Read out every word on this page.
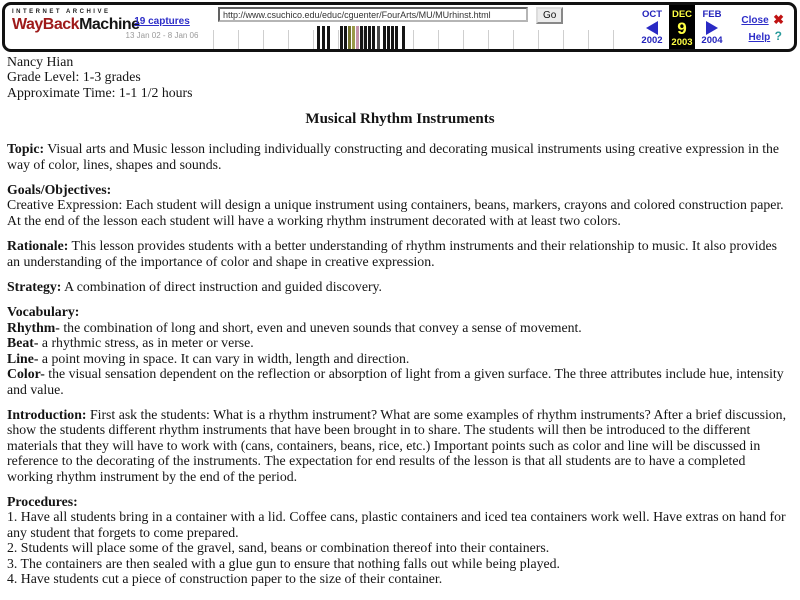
INTERNET ARCHIVE
WayBackMachine
19 captures
13 Jan 02 - 8 Jan 06
http://www.csuchico.edu/educ/cguenter/FourArts/MU/MUrhinst.html
Go	OCT
2002
DEC
9
2003
FEB
2004
Close ✖
Help ?
Nancy Hian
Grade Level: 1-3 grades
Approximate Time: 1-1 1/2 hours
Musical Rhythm Instruments

Topic: Visual arts and Music lesson including individually constructing and decorating musical instruments using creative expression in the way of color, lines, shapes and sounds.

Goals/Objectives:
Creative Expression: Each student will design a unique instrument using containers, beans, markers, crayons and colored construction paper. At the end of the lesson each student will have a working rhythm instrument decorated with at least two colors.

Rationale: This lesson provides students with a better understanding of rhythm instruments and their relationship to music. It also provides an understanding of the importance of color and shape in creative expression.

Strategy: A combination of direct instruction and guided discovery.

Vocabulary:
Rhythm- the combination of long and short, even and uneven sounds that convey a sense of movement.
Beat- a rhythmic stress, as in meter or verse.
Line- a point moving in space. It can vary in width, length and direction.
Color- the visual sensation dependent on the reflection or absorption of light from a given surface. The three attributes include hue, intensity and value.

Introduction: First ask the students: What is a rhythm instrument? What are some examples of rhythm instruments? After a brief discussion, show the students different rhythm instruments that have been brought in to share. The students will then be introduced to the different materials that they will have to work with (cans, containers, beans, rice, etc.) Important points such as color and line will be discussed in reference to the decorating of the instruments. The expectation for end results of the lesson is that all students are to have a completed working rhythm instrument by the end of the period.

Procedures:
1. Have all students bring in a container with a lid. Coffee cans, plastic containers and iced tea containers work well. Have extras on hand for any student that forgets to come prepared.
2. Students will place some of the gravel, sand, beans or combination thereof into their containers.
3. The containers are then sealed with a glue gun to ensure that nothing falls out while being played.
4. Have students cut a piece of construction paper to the size of their container.
